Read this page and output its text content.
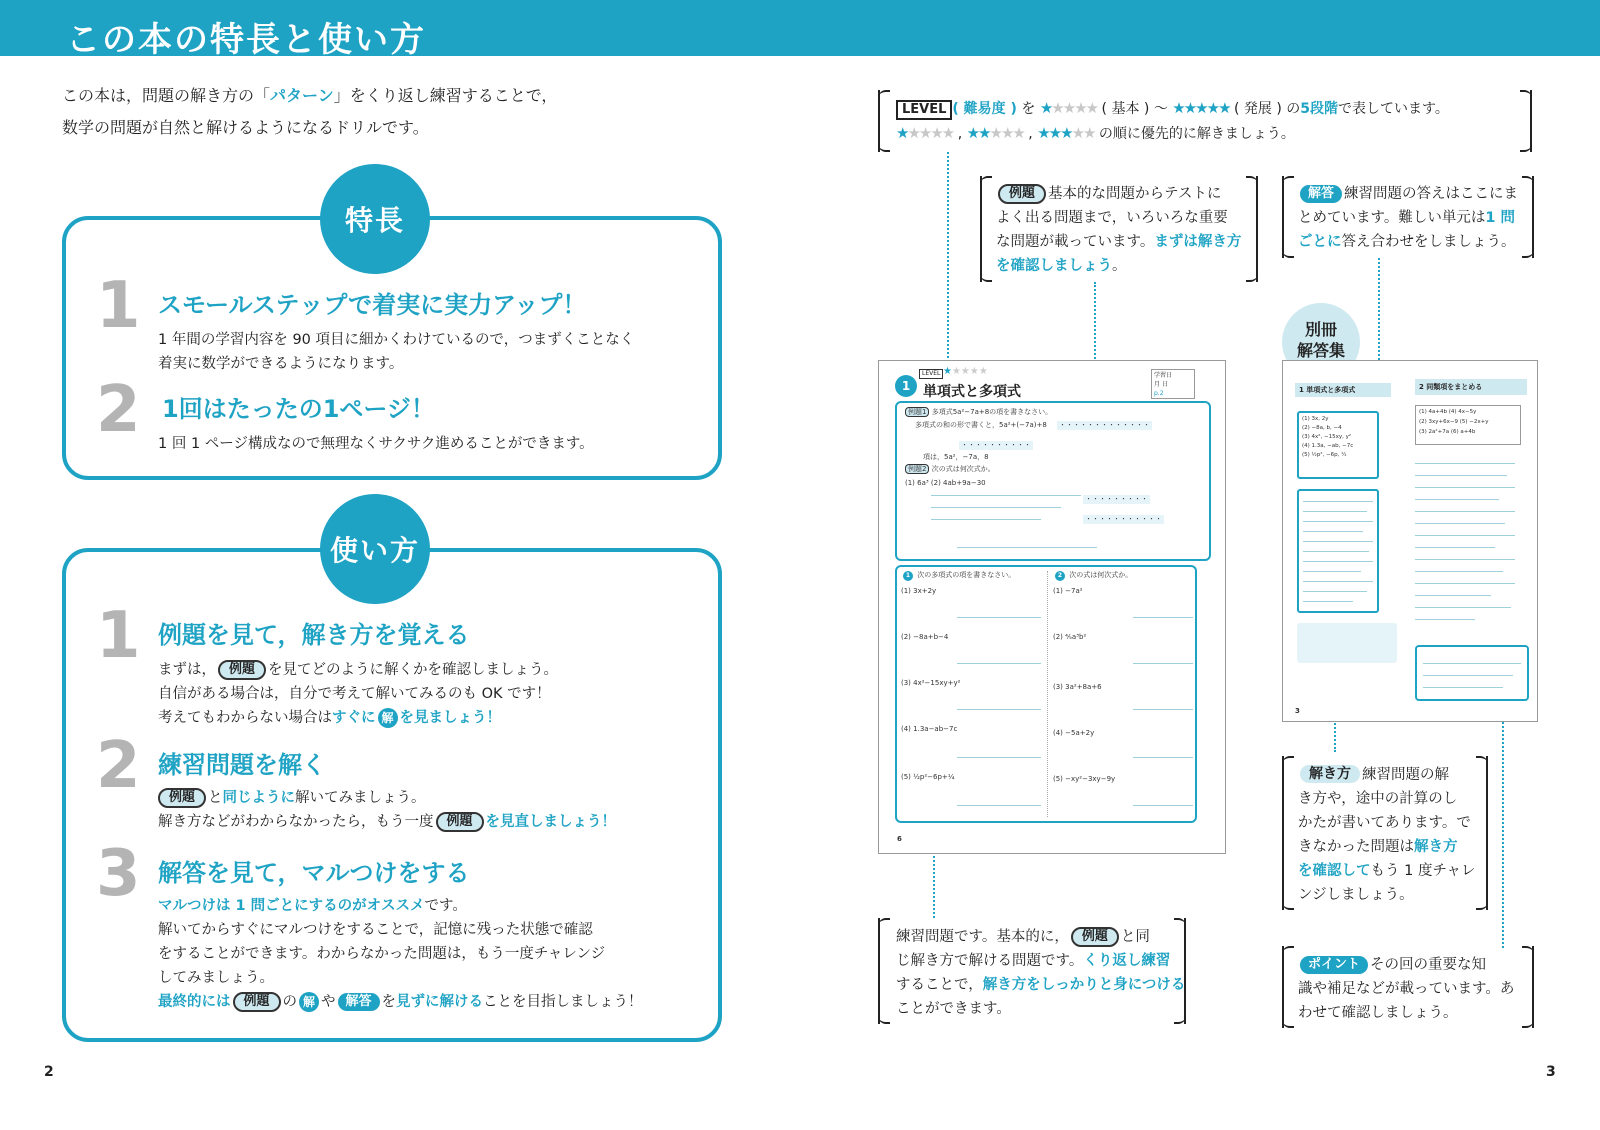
この本の特長と使い方
この本は，問題の解き方の「パターン」をくり返し練習することで，
数学の問題が自然と解けるようになるドリルです。
特長
1 スモールステップで着実に実力アップ！
1 年間の学習内容を 90 項目に細かくわけているので，つまずくことなく
着実に数学ができるようになります。
2 1回はたったの1ページ！
1 回 1 ページ構成なので無理なくサクサク進めることができます。
使い方
1 例題を見て，解き方を覚える
まずは， 例題 を見てどのように解くかを確認しましょう。
自信がある場合は，自分で考えて解いてみるのも OK です！
考えてもわからない場合はすぐに 解 を見ましょう！
2 練習問題を解く
例題 と同じように解いてみましょう。
解き方などがわからなかったら，もう一度 例題 を見直しましょう！
3 解答を見て，マルつけをする
マルつけは 1 問ごとにするのがオススメです。
解いてからすぐにマルつけをすることで，記憶に残った状態で確認
をすることができます。わからなかった問題は，もう一度チャレンジ
してみましょう。
最終的には 例題 の 解 や 解答 を見ずに解けることを目指しましょう！
2
LEVEL ( 難易度 ) を ★★★★★ ( 基本 ) 〜 ★★★★★ ( 発展 ) の5段階で表しています。
★★★★★ , ★★★★★ , ★★★★★ の順に優先的に解きましょう。
例題 基本的な問題からテストに
よく出る問題まで，いろいろな重要
な問題が載っています。まずは解き方
を確認しましょう。
解答 練習問題の答えはここにま
とめています。難しい単元は1 問
ごとに答え合わせをしましょう。
別冊
解答集
1
LEVEL ★★★★★
単項式と多項式
学習日
月 日
p.2
例題1 多項式5a²−7a+8の項を書きなさい。
多項式の和の形で書くと，5a²+(−7a)+8 ・・・・・・・・・・・・・
・・・・・・・・・・
項は，5a²，−7a，8
例題2 次の式は何次式か。
(1) 6a³ (2) 4ab+9a−30
・・・・・・・・・
・・・・・・・・・・・
1 次の多項式の項を書きなさい。	2 次の式は何次式か。
(1) 3x+2y
(2) −8a+b−4
(3) 4x²−15xy+y²
(4) 1.3a−ab−7c
(5) ½p²−6p+¼
(1) −7a²
(2) ⅘a³b²
(3) 3a²+8a+6
(4) −5a+2y
(5) −xy²−3xy−9y
6
1 単項式と多項式	2 同類項をまとめる
(1) 3x, 2y
(2) −8a, b, −4
(3) 4x², −15xy, y²
(4) 1.3a, −ab, −7c
(5) ½p², −6p, ¼
(1) 4a+4b (4) 4x−5y
(2) 3xy+6x−9 (5) −2x+y
(3) 2a²+7a (6) a+4b
3
練習問題です。基本的に， 例題 と同
じ解き方で解ける問題です。くり返し練習
することで，解き方をしっかりと身につける
ことができます。
解き方 練習問題の解
き方や，途中の計算のし
かたが書いてあります。で
きなかった問題は解き方
を確認してもう 1 度チャレ
ンジしましょう。
ポイント その回の重要な知
識や補足などが載っています。あ
わせて確認しましょう。
3
